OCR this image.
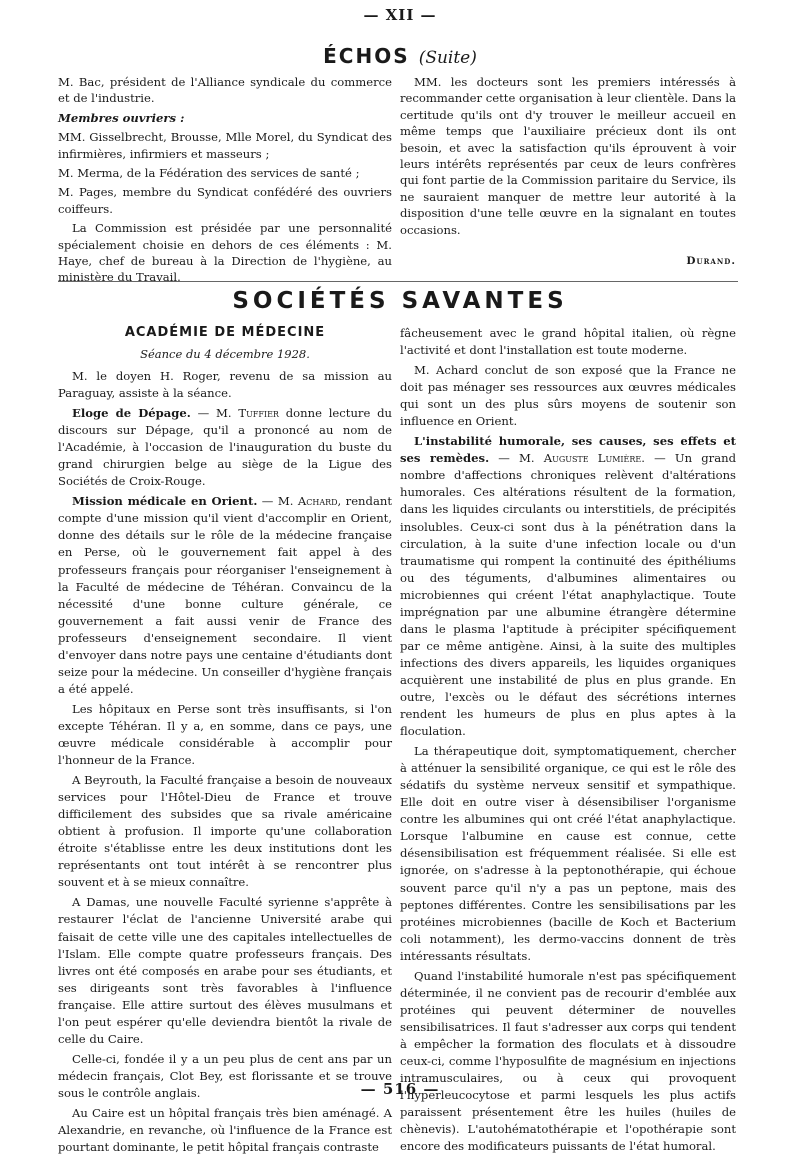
— XII —
ÉCHOS (Suite)

M. Bac, président de l'Alliance syndicale du commerce et de l'industrie.

Membres ouvriers :

MM. Gisselbrecht, Brousse, Mlle Morel, du Syndicat des infirmières, infirmiers et masseurs ;

M. Merma, de la Fédération des services de santé ;

M. Pages, membre du Syndicat confédéré des ouvriers coiffeurs.

La Commission est présidée par une personnalité spécialement choisie en dehors de ces éléments : M. Haye, chef de bureau à la Direction de l'hygiène, au ministère du Travail.

MM. les docteurs sont les premiers intéressés à recommander cette organisation à leur clientèle. Dans la certitude qu'ils ont d'y trouver le meilleur accueil en même temps que l'auxiliaire précieux dont ils ont besoin, et avec la satisfaction qu'ils éprouvent à voir leurs intérêts représentés par ceux de leurs confrères qui font partie de la Commission paritaire du Service, ils ne sauraient manquer de mettre leur autorité à la disposition d'une telle œuvre en la signalant en toutes occasions.

Durand.
SOCIÉTÉS SAVANTES
ACADÉMIE DE MÉDECINE
Séance du 4 décembre 1928.

M. le doyen H. Roger, revenu de sa mission au Paraguay, assiste à la séance.

Eloge de Dépage. — M. Tuffier donne lecture du discours sur Dépage, qu'il a prononcé au nom de l'Académie, à l'occasion de l'inauguration du buste du grand chirurgien belge au siège de la Ligue des Sociétés de Croix-Rouge.

Mission médicale en Orient. — M. Achard, rendant compte d'une mission qu'il vient d'accomplir en Orient, donne des détails sur le rôle de la médecine française en Perse, où le gouvernement fait appel à des professeurs français pour réorganiser l'enseignement à la Faculté de médecine de Téhéran. Convaincu de la nécessité d'une bonne culture générale, ce gouvernement a fait aussi venir de France des professeurs d'enseignement secondaire. Il vient d'envoyer dans notre pays une centaine d'étudiants dont seize pour la médecine. Un conseiller d'hygiène français a été appelé.

Les hôpitaux en Perse sont très insuffisants, si l'on excepte Téhéran. Il y a, en somme, dans ce pays, une œuvre médicale considérable à accomplir pour l'honneur de la France.

A Beyrouth, la Faculté française a besoin de nouveaux services pour l'Hôtel-Dieu de France et trouve difficilement des subsides que sa rivale américaine obtient à profusion. Il importe qu'une collaboration étroite s'établisse entre les deux institutions dont les représentants ont tout intérêt à se rencontrer plus souvent et à se mieux connaître.

A Damas, une nouvelle Faculté syrienne s'apprête à restaurer l'éclat de l'ancienne Université arabe qui faisait de cette ville une des capitales intellectuelles de l'Islam. Elle compte quatre professeurs français. Des livres ont été composés en arabe pour ses étudiants, et ses dirigeants sont très favorables à l'influence française. Elle attire surtout des élèves musulmans et l'on peut espérer qu'elle deviendra bientôt la rivale de celle du Caire.

Celle-ci, fondée il y a un peu plus de cent ans par un médecin français, Clot Bey, est florissante et se trouve sous le contrôle anglais.

Au Caire est un hôpital français très bien aménagé. A Alexandrie, en revanche, où l'influence de la France est pourtant dominante, le petit hôpital français contraste

fâcheusement avec le grand hôpital italien, où règne l'activité et dont l'installation est toute moderne.

M. Achard conclut de son exposé que la France ne doit pas ménager ses ressources aux œuvres médicales qui sont un des plus sûrs moyens de soutenir son influence en Orient.

L'instabilité humorale, ses causes, ses effets et ses remèdes. — M. Auguste Lumière. — Un grand nombre d'affections chroniques relèvent d'altérations humorales. Ces altérations résultent de la formation, dans les liquides circulants ou interstitiels, de précipités insolubles. Ceux-ci sont dus à la pénétration dans la circulation, à la suite d'une infection locale ou d'un traumatisme qui rompent la continuité des épithéliums ou des téguments, d'albumines alimentaires ou microbiennes qui créent l'état anaphylactique. Toute imprégnation par une albumine étrangère détermine dans le plasma l'aptitude à précipiter spécifiquement par ce même antigène. Ainsi, à la suite des multiples infections des divers appareils, les liquides organiques acquièrent une instabilité de plus en plus grande. En outre, l'excès ou le défaut des sécrétions internes rendent les humeurs de plus en plus aptes à la floculation.

La thérapeutique doit, symptomatiquement, chercher à atténuer la sensibilité organique, ce qui est le rôle des sédatifs du système nerveux sensitif et sympathique. Elle doit en outre viser à désensibiliser l'organisme contre les albumines qui ont créé l'état anaphylactique. Lorsque l'albumine en cause est connue, cette désensibilisation est fréquemment réalisée. Si elle est ignorée, on s'adresse à la peptonothérapie, qui échoue souvent parce qu'il n'y a pas un peptone, mais des peptones différentes. Contre les sensibilisations par les protéines microbiennes (bacille de Koch et Bacterium coli notamment), les dermo-vaccins donnent de très intéressants résultats.

Quand l'instabilité humorale n'est pas spécifiquement déterminée, il ne convient pas de recourir d'emblée aux protéines qui peuvent déterminer de nouvelles sensibilisatrices. Il faut s'adresser aux corps qui tendent à empêcher la formation des floculats et à dissoudre ceux-ci, comme l'hyposulfite de magnésium en injections intramusculaires, ou à ceux qui provoquent l'hyperleucocytose et parmi lesquels les plus actifs paraissent présentement être les huiles (huiles de chènevis). L'autohématothérapie et l'opothérapie sont encore des modificateurs puissants de l'état humoral.

— 516 —
